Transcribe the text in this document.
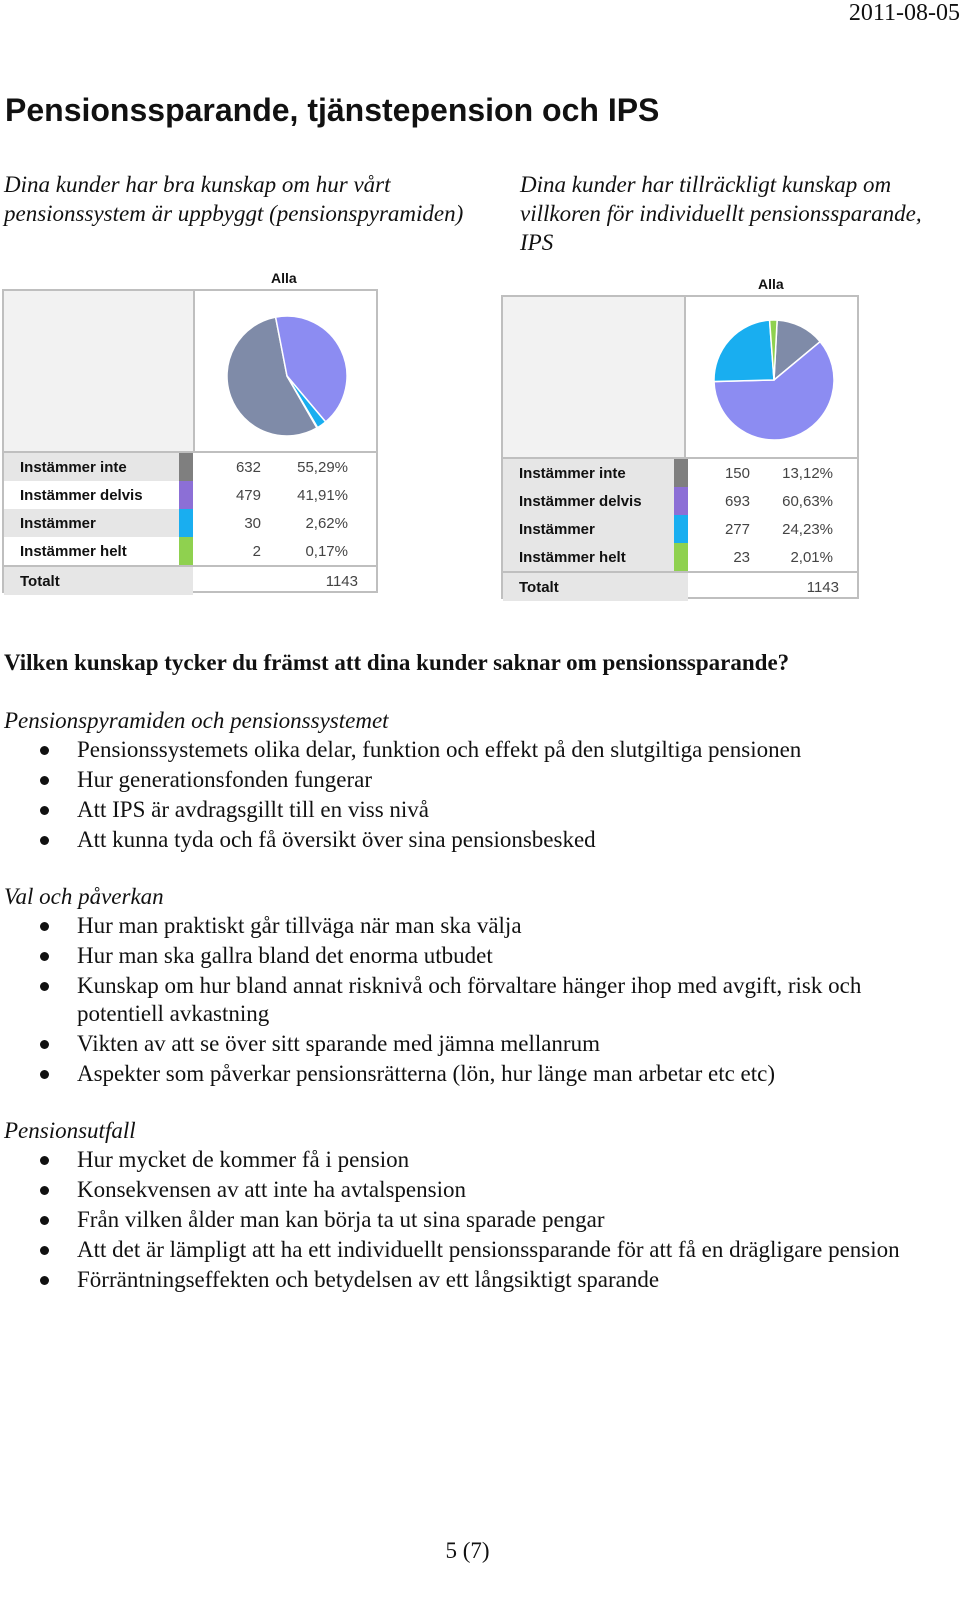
2011-08-05
Pensionssparande, tjänstepension och IPS

Dina kunder har bra kunskap om hur vårt pensionssystem är uppbyggt (pensionspyramiden)

Dina kunder har tillräckligt kunskap om villkoren för individuellt pensionssparande, IPS

Alla
Instämmer inte		632	55,29%
Instämmer delvis		479	41,91%
Instämmer		30	2,62%
Instämmer helt		2	0,17%
Totalt		1143	
Alla
Instämmer inte		150	13,12%
Instämmer delvis		693	60,63%
Instämmer		277	24,23%
Instämmer helt		23	2,01%
Totalt		1143	
Vilken kunskap tycker du främst att dina kunder saknar om pensionssparande?

Pensionspyramiden och pensionssystemet

Pensionssystemets olika delar, funktion och effekt på den slutgiltiga pensionen
Hur generationsfonden fungerar
Att IPS är avdragsgillt till en viss nivå
Att kunna tyda och få översikt över sina pensionsbesked

Val och påverkan

Hur man praktiskt går tillväga när man ska välja
Hur man ska gallra bland det enorma utbudet
Kunskap om hur bland annat risknivå och förvaltare hänger ihop med avgift, risk och potentiell avkastning
Vikten av att se över sitt sparande med jämna mellanrum
Aspekter som påverkar pensionsrätterna (lön, hur länge man arbetar etc etc)

Pensionsutfall

Hur mycket de kommer få i pension
Konsekvensen av att inte ha avtalspension
Från vilken ålder man kan börja ta ut sina sparade pengar
Att det är lämpligt att ha ett individuellt pensionssparande för att få en drägligare pension
Förräntningseffekten och betydelsen av ett långsiktigt sparande
5 (7)
